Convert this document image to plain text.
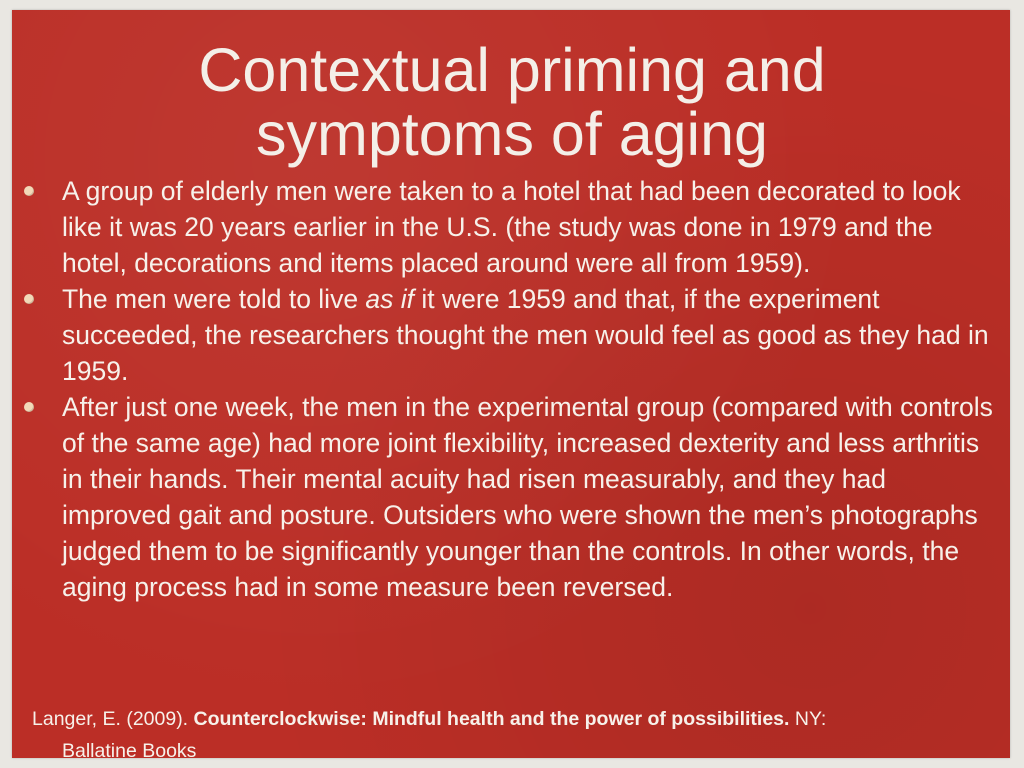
Contextual priming and
symptoms of aging
A group of elderly men were taken to a hotel that had been decorated to look like it was 20 years earlier in the U.S. (the study was done in 1979 and the hotel, decorations and items placed around were all from 1959).
The men were told to live as if it were 1959 and that, if the experiment succeeded, the researchers thought the men would feel as good as they had in 1959.
After just one week, the men in the experimental group (compared with controls of the same age) had more joint flexibility, increased dexterity and less arthritis in their hands. Their mental acuity had risen measurably, and they had improved gait and posture. Outsiders who were shown the men’s photographs judged them to be significantly younger than the controls. In other words, the aging process had in some measure been reversed.

Langer, E. (2009). Counterclockwise: Mindful health and the power of possibilities. NY:
Ballatine Books
